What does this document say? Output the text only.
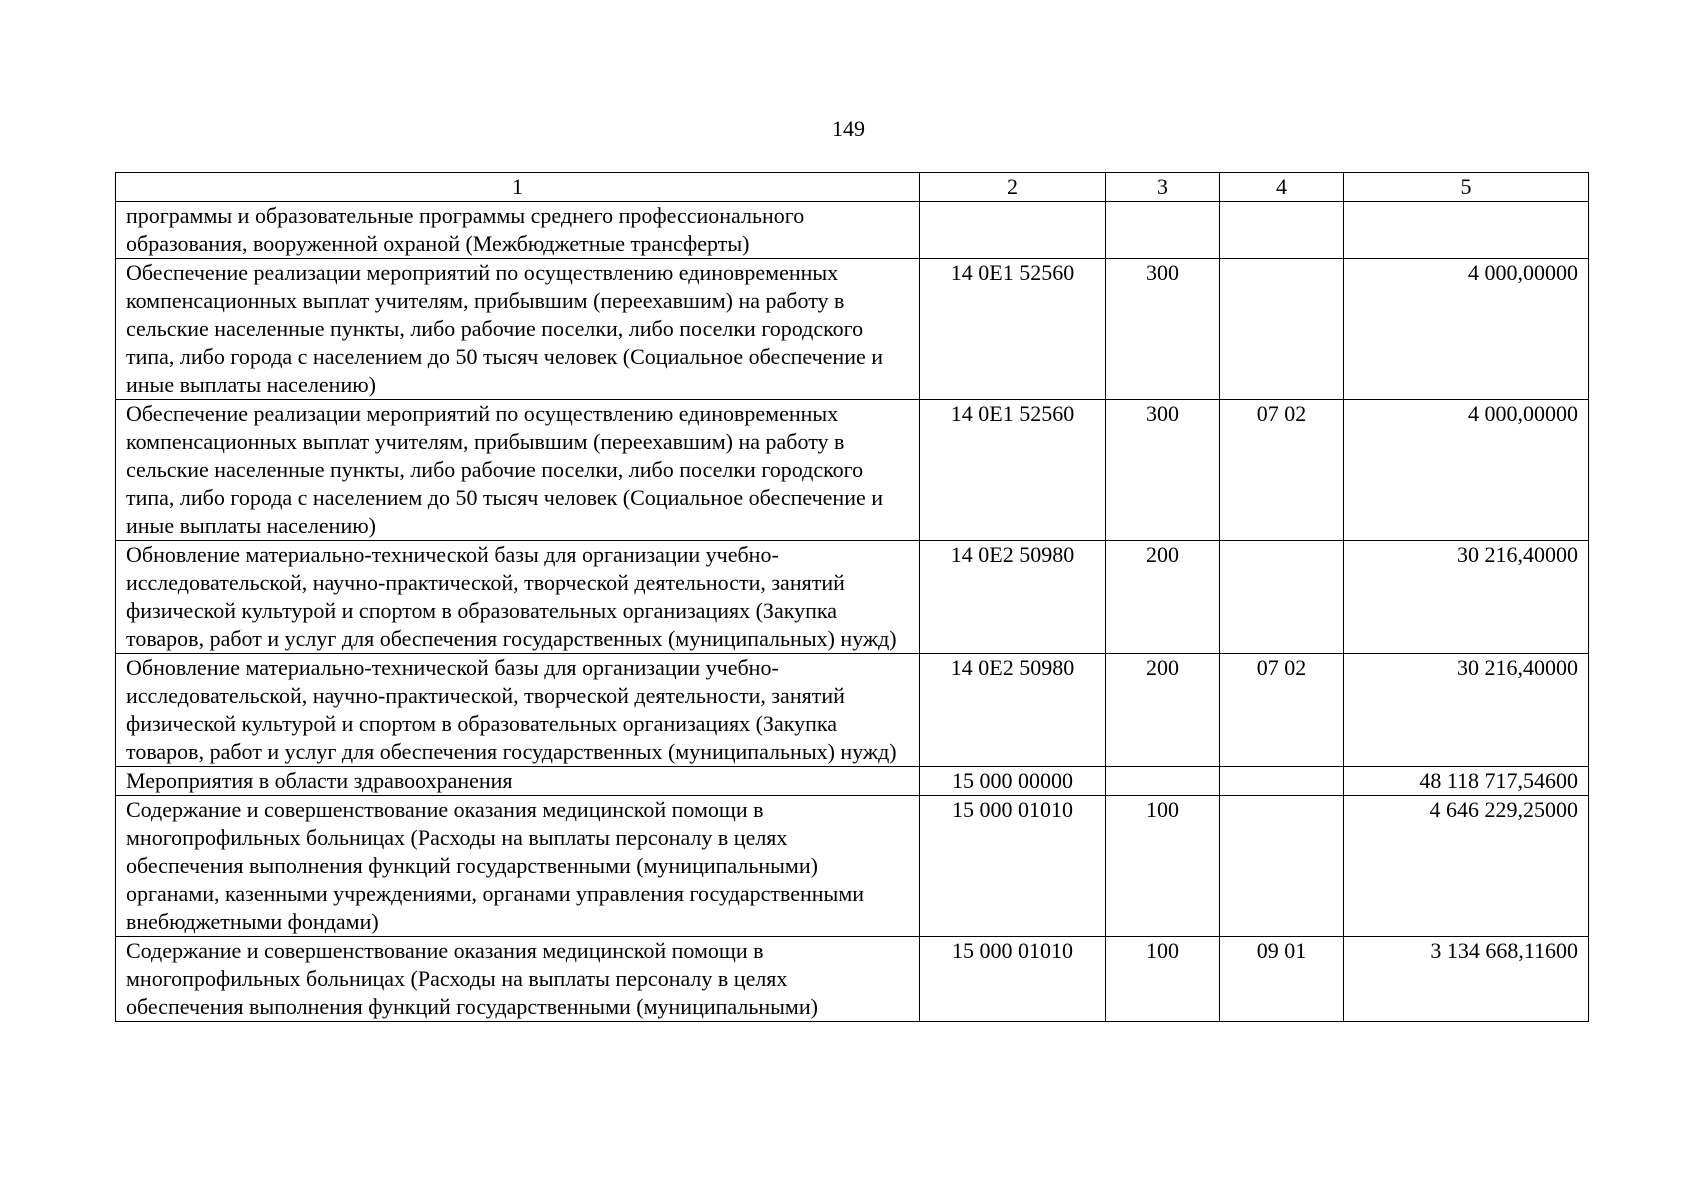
149
1	2	3	4	5
программы и образовательные программы среднего профессионального образования, вооруженной охраной (Межбюджетные трансферты)				
Обеспечение реализации мероприятий по осуществлению единовременных компенсационных выплат учителям, прибывшим (переехавшим) на работу в сельские населенные пункты, либо рабочие поселки, либо поселки городского типа, либо города с населением до 50 тысяч человек (Социальное обеспечение и иные выплаты населению)	14 0Е1 52560	300		4 000,00000
Обеспечение реализации мероприятий по осуществлению единовременных компенсационных выплат учителям, прибывшим (переехавшим) на работу в сельские населенные пункты, либо рабочие поселки, либо поселки городского типа, либо города с населением до 50 тысяч человек (Социальное обеспечение и иные выплаты населению)	14 0Е1 52560	300	07 02	4 000,00000
Обновление материально-технической базы для организации учебно-исследовательской, научно-практической, творческой деятельности, занятий физической культурой и спортом в образовательных организациях (Закупка товаров, работ и услуг для обеспечения государственных (муниципальных) нужд)	14 0Е2 50980	200		30 216,40000
Обновление материально-технической базы для организации учебно-исследовательской, научно-практической, творческой деятельности, занятий физической культурой и спортом в образовательных организациях (Закупка товаров, работ и услуг для обеспечения государственных (муниципальных) нужд)	14 0Е2 50980	200	07 02	30 216,40000
Мероприятия в области здравоохранения	15 000 00000			48 118 717,54600
Содержание и совершенствование оказания медицинской помощи в многопрофильных больницах (Расходы на выплаты персоналу в целях обеспечения выполнения функций государственными (муниципальными) органами, казенными учреждениями, органами управления государственными внебюджетными фондами)	15 000 01010	100		4 646 229,25000
Содержание и совершенствование оказания медицинской помощи в многопрофильных больницах (Расходы на выплаты персоналу в целях обеспечения выполнения функций государственными (муниципальными)	15 000 01010	100	09 01	3 134 668,11600
